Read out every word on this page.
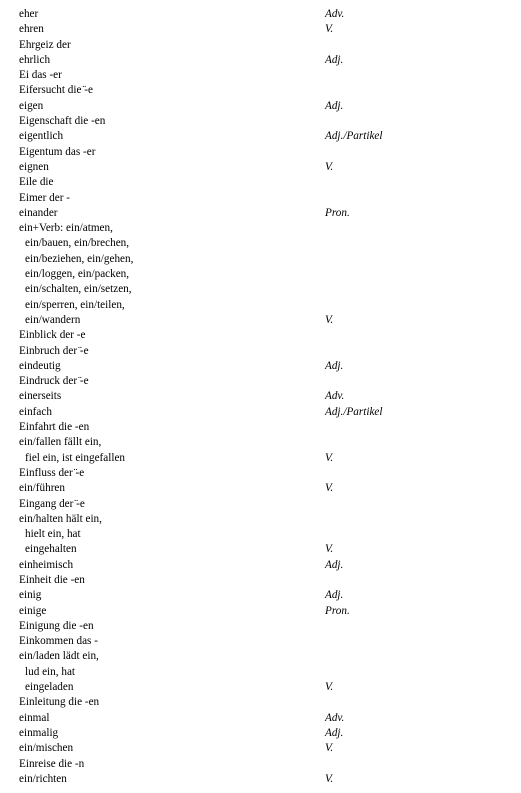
eher	Adv.
ehren	V.
Ehrgeiz der
ehrlich	Adj.
Ei das -er
Eifersucht die ̈-e
eigen	Adj.
Eigenschaft die -en
eigentlich	Adj./Partikel
Eigentum das -er
eignen	V.
Eile die
Eimer der -
einander	Pron.
ein+Verb: ein/atmen,
ein/bauen, ein/brechen,
ein/beziehen, ein/gehen,
ein/loggen, ein/packen,
ein/schalten, ein/setzen,
ein/sperren, ein/teilen,
ein/wandern	V.
Einblick der -e
Einbruch der ̈-e
eindeutig	Adj.
Eindruck der ̈-e
einerseits	Adv.
einfach	Adj./Partikel
Einfahrt die -en
ein/fallen fällt ein,
fiel ein, ist eingefallen	V.
Einfluss der ̈-e
ein/führen	V.
Eingang der ̈-e
ein/halten hält ein,
hielt ein, hat
eingehalten	V.
einheimisch	Adj.
Einheit die -en
einig	Adj.
einige	Pron.
Einigung die -en
Einkommen das -
ein/laden lädt ein,
lud ein, hat
eingeladen	V.
Einleitung die -en
einmal	Adv.
einmalig	Adj.
ein/mischen	V.
Einreise die -n
ein/richten	V.
